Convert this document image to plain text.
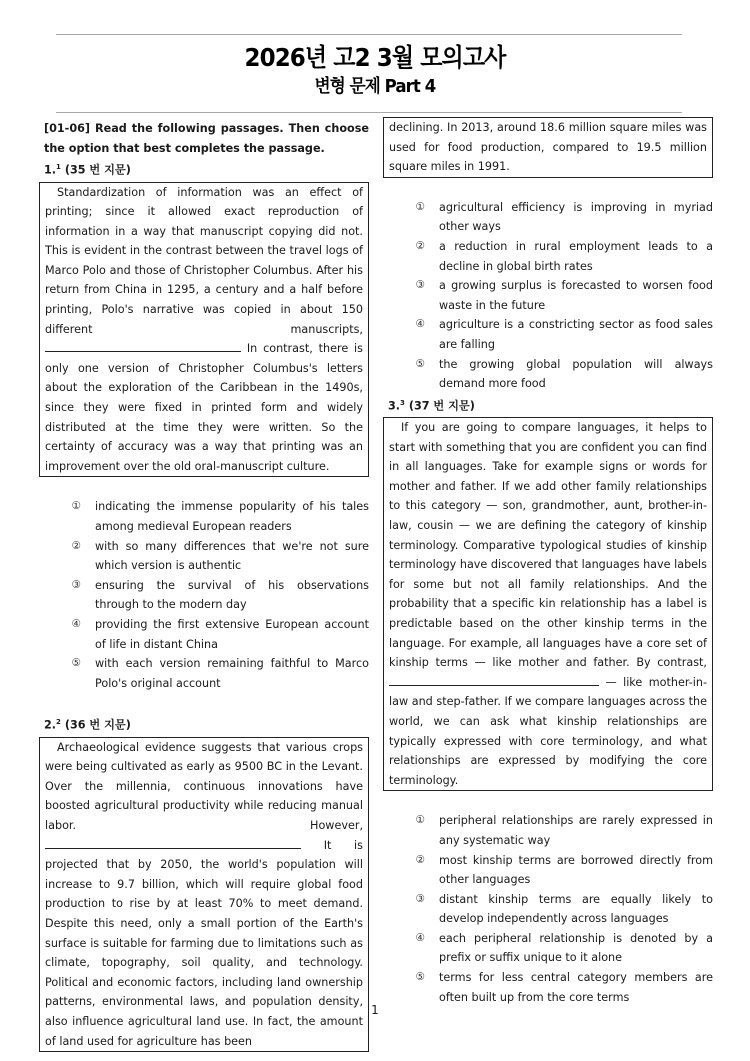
2026년 고2 3월 모의고사
변형 문제 Part 4
[01-06] Read the following passages. Then choose the option that best completes the passage.
1.$^1$ (35 번 지문)
Standardization of information was an effect of printing; since it allowed exact reproduction of information in a way that manuscript copying did not. This is evident in the contrast between the travel logs of Marco Polo and those of Christopher Columbus. After his return from China in 1295, a century and a half before printing, Polo's narrative was copied in about 150 different manuscripts,  In contrast, there is only one version of Christopher Columbus's letters about the exploration of the Caribbean in the 1490s, since they were fixed in printed form and widely distributed at the time they were written. So the certainty of accuracy was a way that printing was an improvement over the old oral-manuscript culture.
①	indicating the immense popularity of his tales among medieval European readers
②	with so many differences that we're not sure which version is authentic
③	ensuring the survival of his observations through to the modern day
④	providing the first extensive European account of life in distant China
⑤	with each version remaining faithful to Marco Polo's original account
2.$^2$ (36 번 지문)
Archaeological evidence suggests that various crops were being cultivated as early as 9500 BC in the Levant. Over the millennia, continuous innovations have boosted agricultural productivity while reducing manual labor. However,  It is projected that by 2050, the world's population will increase to 9.7 billion, which will require global food production to rise by at least 70% to meet demand. Despite this need, only a small portion of the Earth's surface is suitable for farming due to limitations such as climate, topography, soil quality, and technology. Political and economic factors, including land ownership patterns, environmental laws, and population density, also influence agricultural land use. In fact, the amount of land used for agriculture has been
declining. In 2013, around 18.6 million square miles was used for food production, compared to 19.5 million square miles in 1991.
①	agricultural efficiency is improving in myriad other ways
②	a reduction in rural employment leads to a decline in global birth rates
③	a growing surplus is forecasted to worsen food waste in the future
④	agriculture is a constricting sector as food sales are falling
⑤	the growing global population will always demand more food
3.$^3$ (37 번 지문)
If you are going to compare languages, it helps to start with something that you are confident you can find in all languages. Take for example signs or words for mother and father. If we add other family relationships to this category — son, grandmother, aunt, brother-in-law, cousin — we are defining the category of kinship terminology. Comparative typological studies of kinship terminology have discovered that languages have labels for some but not all family relationships. And the probability that a specific kin relationship has a label is predictable based on the other kinship terms in the language. For example, all languages have a core set of kinship terms — like mother and father. By contrast,  — like mother-in-law and step-father. If we compare languages across the world, we can ask what kinship relationships are typically expressed with core terminology, and what relationships are expressed by modifying the core terminology.
①	peripheral relationships are rarely expressed in any systematic way
②	most kinship terms are borrowed directly from other languages
③	distant kinship terms are equally likely to develop independently across languages
④	each peripheral relationship is denoted by a prefix or suffix unique to it alone
⑤	terms for less central category members are often built up from the core terms
1
